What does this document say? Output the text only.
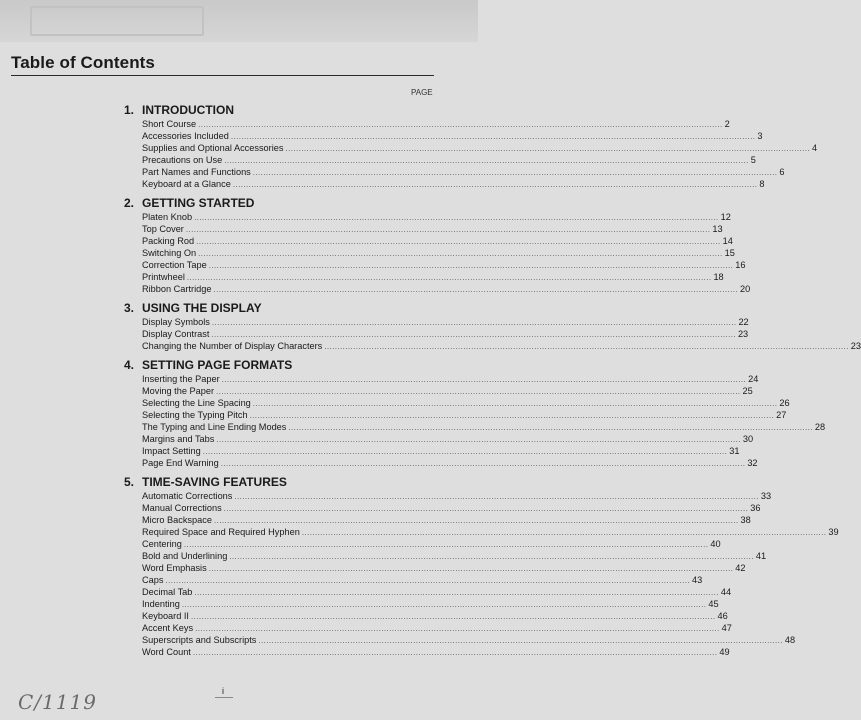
Table of Contents
PAGE
1. INTRODUCTION
Short Course ........................................................................................................................................................................................................ 2
Accessories Included ........................................................................................................................................................................................................ 3
Supplies and Optional Accessories ........................................................................................................................................................................................................ 4
Precautions on Use ........................................................................................................................................................................................................ 5
Part Names and Functions ........................................................................................................................................................................................................ 6
Keyboard at a Glance ........................................................................................................................................................................................................ 8
2. GETTING STARTED
Platen Knob ........................................................................................................................................................................................................ 12
Top Cover ........................................................................................................................................................................................................ 13
Packing Rod ........................................................................................................................................................................................................ 14
Switching On ........................................................................................................................................................................................................ 15
Correction Tape ........................................................................................................................................................................................................ 16
Printwheel ........................................................................................................................................................................................................ 18
Ribbon Cartridge ........................................................................................................................................................................................................ 20
3. USING THE DISPLAY
Display Symbols ........................................................................................................................................................................................................ 22
Display Contrast ........................................................................................................................................................................................................ 23
Changing the Number of Display Characters ........................................................................................................................................................................................................ 23
4. SETTING PAGE FORMATS
Inserting the Paper ........................................................................................................................................................................................................ 24
Moving the Paper ........................................................................................................................................................................................................ 25
Selecting the Line Spacing ........................................................................................................................................................................................................ 26
Selecting the Typing Pitch ........................................................................................................................................................................................................ 27
The Typing and Line Ending Modes ........................................................................................................................................................................................................ 28
Margins and Tabs ........................................................................................................................................................................................................ 30
Impact Setting ........................................................................................................................................................................................................ 31
Page End Warning ........................................................................................................................................................................................................ 32
5. TIME-SAVING FEATURES
Automatic Corrections ........................................................................................................................................................................................................ 33
Manual Corrections ........................................................................................................................................................................................................ 36
Micro Backspace ........................................................................................................................................................................................................ 38
Required Space and Required Hyphen ........................................................................................................................................................................................................ 39
Centering ........................................................................................................................................................................................................ 40
Bold and Underlining ........................................................................................................................................................................................................ 41
Word Emphasis ........................................................................................................................................................................................................ 42
Caps ........................................................................................................................................................................................................ 43
Decimal Tab ........................................................................................................................................................................................................ 44
Indenting ........................................................................................................................................................................................................ 45
Keyboard II ........................................................................................................................................................................................................ 46
Accent Keys ........................................................................................................................................................................................................ 47
Superscripts and Subscripts ........................................................................................................................................................................................................ 48
Word Count ........................................................................................................................................................................................................ 49
i
C/1119
